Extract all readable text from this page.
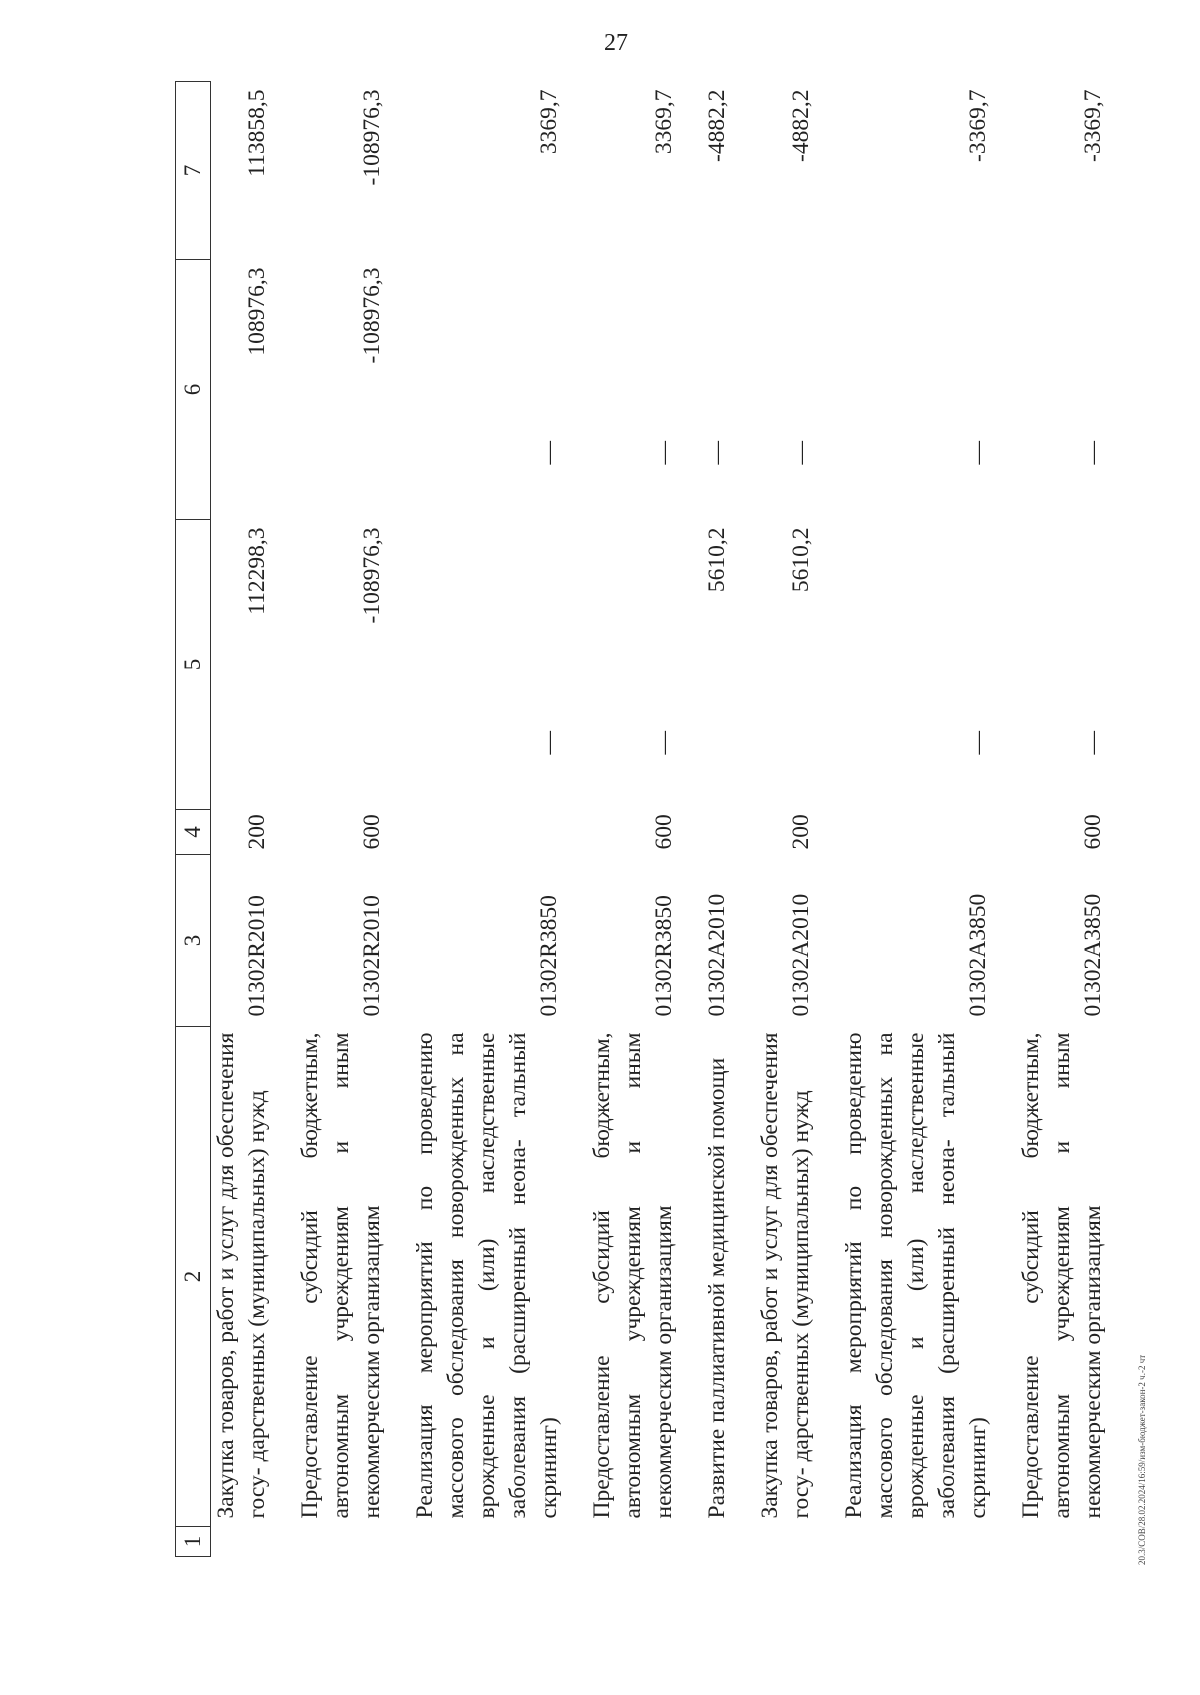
27
1	2	3	4	5	6	7
	Закупка товаров, работ и услуг для обеспечения госу- дарственных (муниципальных) нужд	01302R2010	200	112298,3	108976,3	113858,5
	Предоставление субсидий бюджетным, автономным учреждениям и иным некоммерческим организациям	01302R2010	600	-108976,3	-108976,3	-108976,3
	Реализация мероприятий по проведению массового обследования новорожденных на врожденные и (или) наследственные заболевания (расширенный неона- тальный скрининг)	01302R3850		—	—	3369,7
	Предоставление субсидий бюджетным, автономным учреждениям и иным некоммерческим организациям	01302R3850	600	—	—	3369,7
	Развитие паллиативной медицинской помощи	01302A2010		5610,2	—	-4882,2
	Закупка товаров, работ и услуг для обеспечения госу- дарственных (муниципальных) нужд	01302A2010	200	5610,2	—	-4882,2
	Реализация мероприятий по проведению массового обследования новорожденных на врожденные и (или) наследственные заболевания (расширенный неона- тальный скрининг)	01302A3850		—	—	-3369,7
	Предоставление субсидий бюджетным, автономным учреждениям и иным некоммерческим организациям	01302A3850	600	—	—	-3369,7
20.3/СОВ/28.02.2024/16:59/изм-бюджет-закон-2 ч.-2 чт
